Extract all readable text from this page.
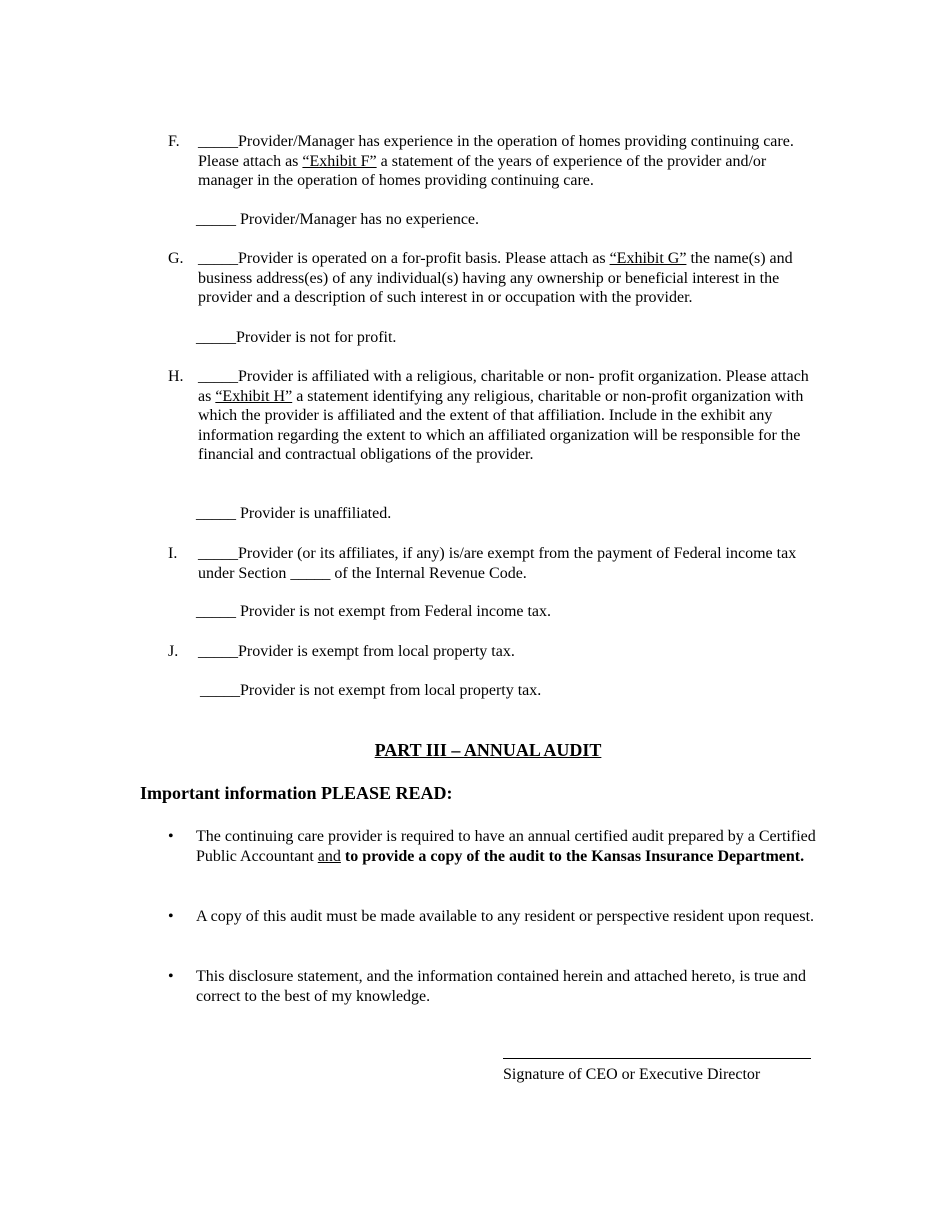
F.	_____Provider/Manager has experience in the operation of homes providing continuing care. Please attach as “Exhibit F” a statement of the years of experience of the provider and/or manager in the operation of homes providing continuing care.
_____ Provider/Manager has no experience.
G. _____Provider is operated on a for-profit basis. Please attach as “Exhibit G” the name(s) and business address(es) of any individual(s) having any ownership or beneficial interest in the provider and a description of such interest in or occupation with the provider.
_____Provider is not for profit.
H. _____Provider is affiliated with a religious, charitable or non- profit organization. Please attach as “Exhibit H” a statement identifying any religious, charitable or non-profit organization with which the provider is affiliated and the extent of that affiliation. Include in the exhibit any information regarding the extent to which an affiliated organization will be responsible for the financial and contractual obligations of the provider.
_____ Provider is unaffiliated.
I.	_____Provider (or its affiliates, if any) is/are exempt from the payment of Federal income tax under Section _____ of the Internal Revenue Code.
_____ Provider is not exempt from Federal income tax.
J.	_____Provider is exempt from local property tax.
_____Provider is not exempt from local property tax.
PART III – ANNUAL AUDIT
Important information PLEASE READ:
•	The continuing care provider is required to have an annual certified audit prepared by a Certified Public Accountant and to provide a copy of the audit to the Kansas Insurance Department.
•	A copy of this audit must be made available to any resident or perspective resident upon request.
•	This disclosure statement, and the information contained herein and attached hereto, is true and correct to the best of my knowledge.
Signature of CEO or Executive Director
